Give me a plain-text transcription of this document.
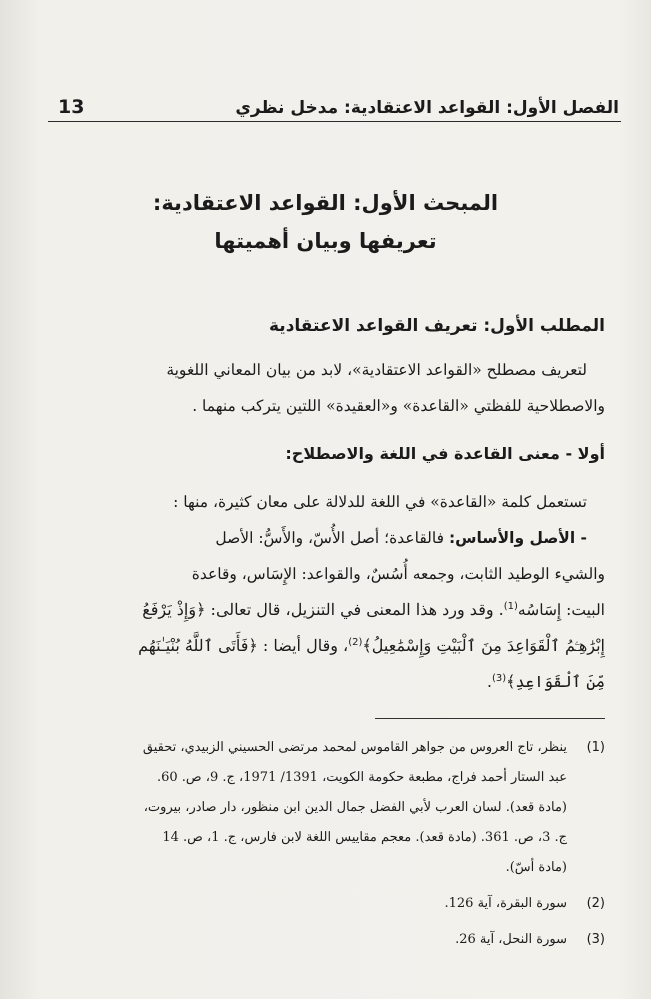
الفصل الأول: القواعد الاعتقادية: مدخل نظري
13
المبحث الأول: القواعد الاعتقادية:
تعريفها وبيان أهميتها
المطلب الأول: تعريف القواعد الاعتقادية
لتعريف مصطلح «القواعد الاعتقادية»، لابد من بيان المعاني اللغوية
والاصطلاحية للفظتي «القاعدة» و«العقيدة» اللتين يتركب منهما .
أولا - معنى القاعدة في اللغة والاصطلاح:
تستعمل كلمة «القاعدة» في اللغة للدلالة على معان كثيرة، منها :
- الأصل والأساس: فالقاعدة؛ أصل الأُسّ، والأَسُّ: الأصل
والشيء الوطيد الثابت، وجمعه أُسُسٌ، والقواعد: الإِسَاس، وقاعدة
البيت: إِسَاسُه$^{(1)}$. وقد ورد هذا المعنى في التنزيل، قال تعالى: ﴿وَإِذْ يَرْفَعُ
إِبْرَٰهِـۧمُ ٱلْقَوَاعِدَ مِنَ ٱلْبَيْتِ وَإِسْمَٰعِيلُ﴾$^{(2)}$، وقال أيضا : ﴿فَأَتَى ٱللَّهُ بُنْيَـٰنَهُم
مِّنَ ٱلْقَوَاعِدِ﴾$^{(3)}$.
(1)
ينظر، تاج العروس من جواهر القاموس لمحمد مرتضى الحسيني الزبيدي، تحقيق
عبد الستار أحمد فراج، مطبعة حكومة الكويت، 1391/ 1971، ج. 9، ص. 60.
(مادة قعد). لسان العرب لأبي الفضل جمال الدين ابن منظور، دار صادر، بيروت،
ج. 3، ص. 361. (مادة قعد). معجم مقاييس اللغة لابن فارس، ج. 1، ص. 14
(مادة أسّ).
(2)
سورة البقرة، آية 126.
(3)
سورة النحل، آية 26.
